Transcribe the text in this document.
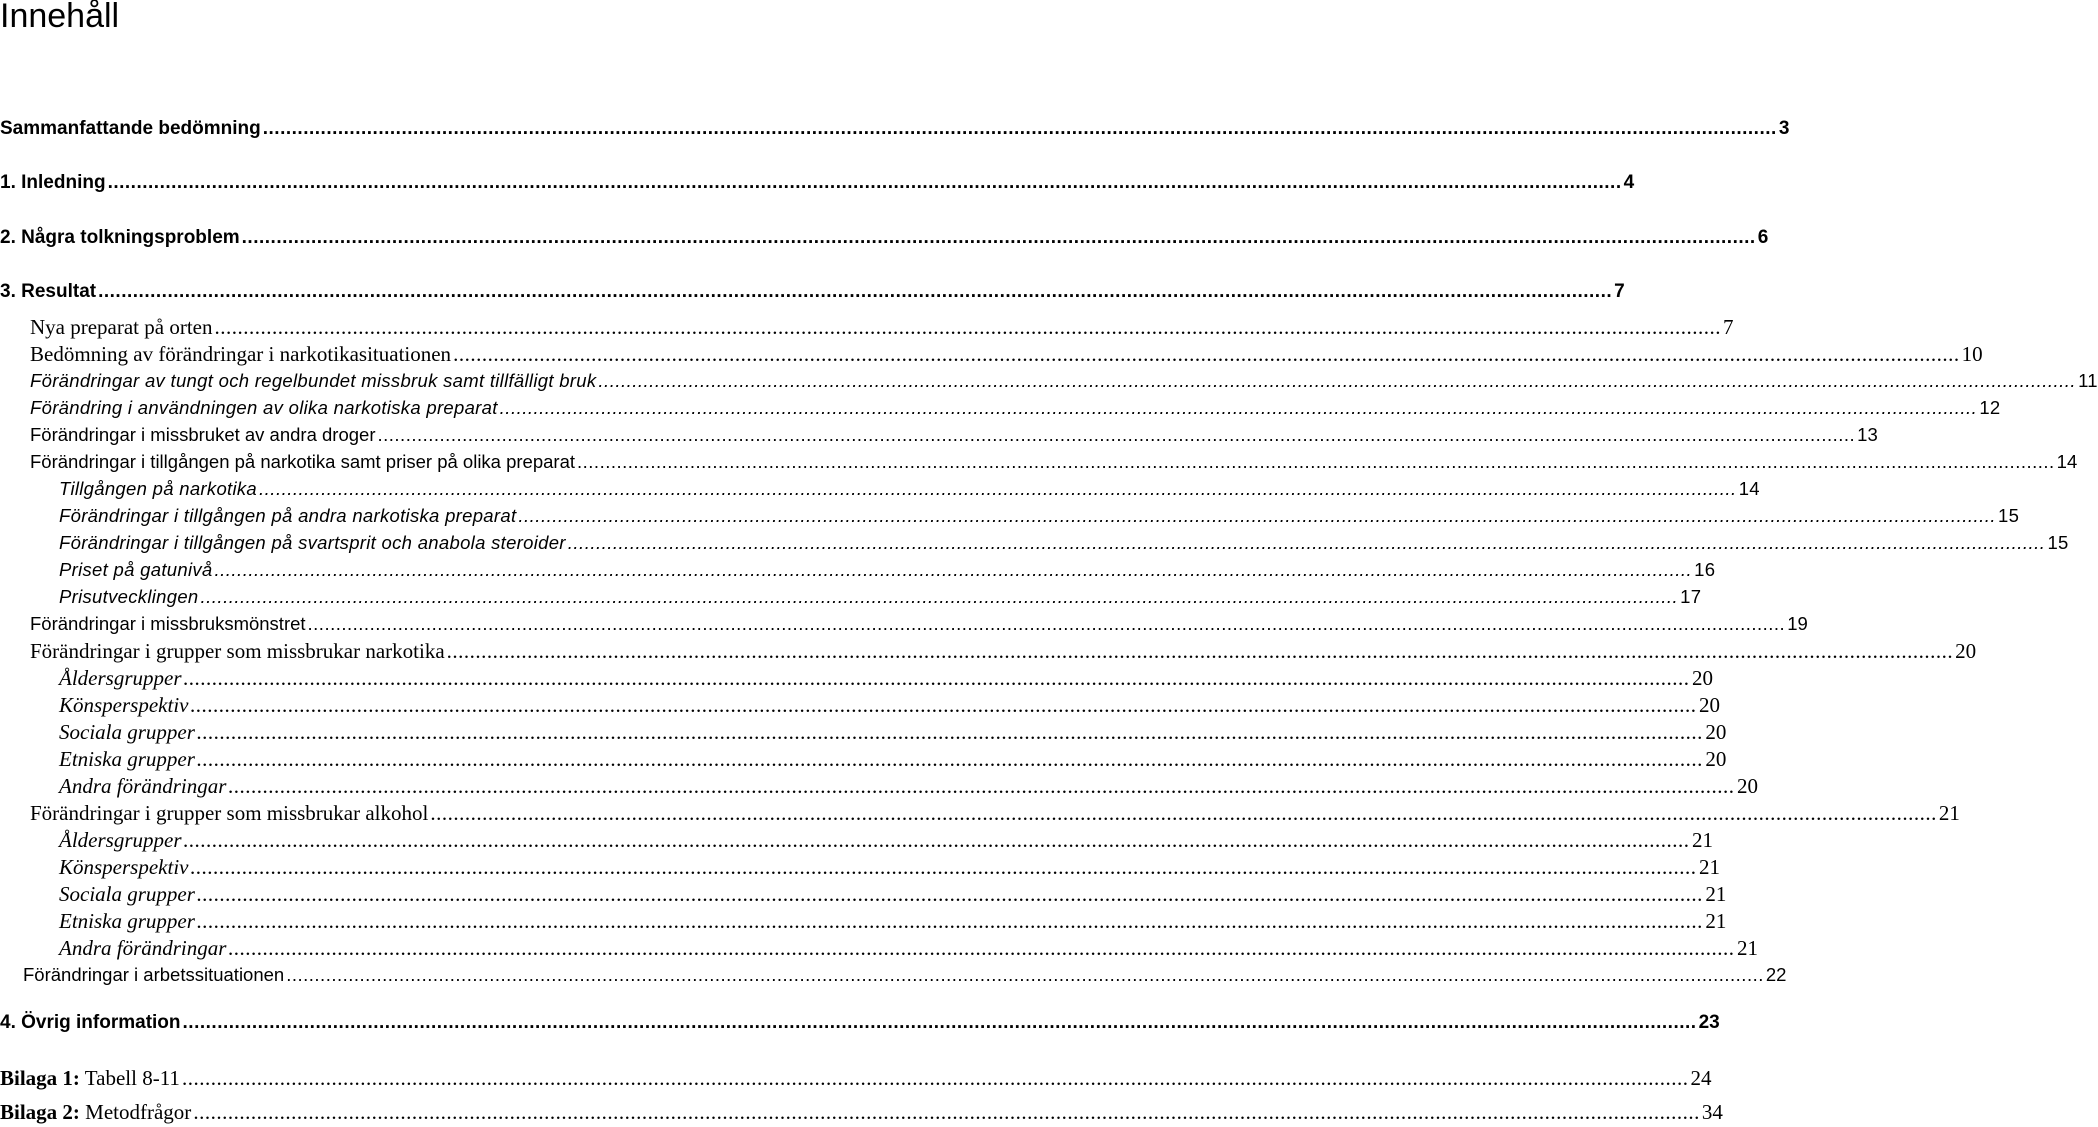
Innehåll
Sammanfattande bedömning .....	3
1. Inledning .....	4
2. Några tolkningsproblem .....	6
3. Resultat .....	7
Nya preparat på orten .....	7
Bedömning av förändringar i narkotikasituationen .....	10
Förändringar av tungt och regelbundet missbruk samt tillfälligt bruk .....	11
Förändring i användningen av olika narkotiska preparat .....	12
Förändringar i missbruket av andra droger .....	13
Förändringar i tillgången på narkotika samt priser på olika preparat .....	14
Tillgången på narkotika .....	14
Förändringar i tillgången på andra narkotiska preparat .....	15
Förändringar i tillgången på svartsprit och anabola steroider .....	15
Priset på gatunivå .....	16
Prisutvecklingen .....	17
Förändringar i missbruksmönstret .....	19
Förändringar i grupper som missbrukar narkotika .....	20
Åldersgrupper .....	20
Könsperspektiv .....	20
Sociala grupper .....	20
Etniska grupper .....	20
Andra förändringar .....	20
Förändringar i grupper som missbrukar alkohol .....	21
Åldersgrupper .....	21
Könsperspektiv .....	21
Sociala grupper .....	21
Etniska grupper .....	21
Andra förändringar .....	21
Förändringar i arbetssituationen .....	22
4. Övrig information .....	23
Bilaga 1: Tabell 8-11 .....	24
Bilaga 2: Metodfrågor .....	34
